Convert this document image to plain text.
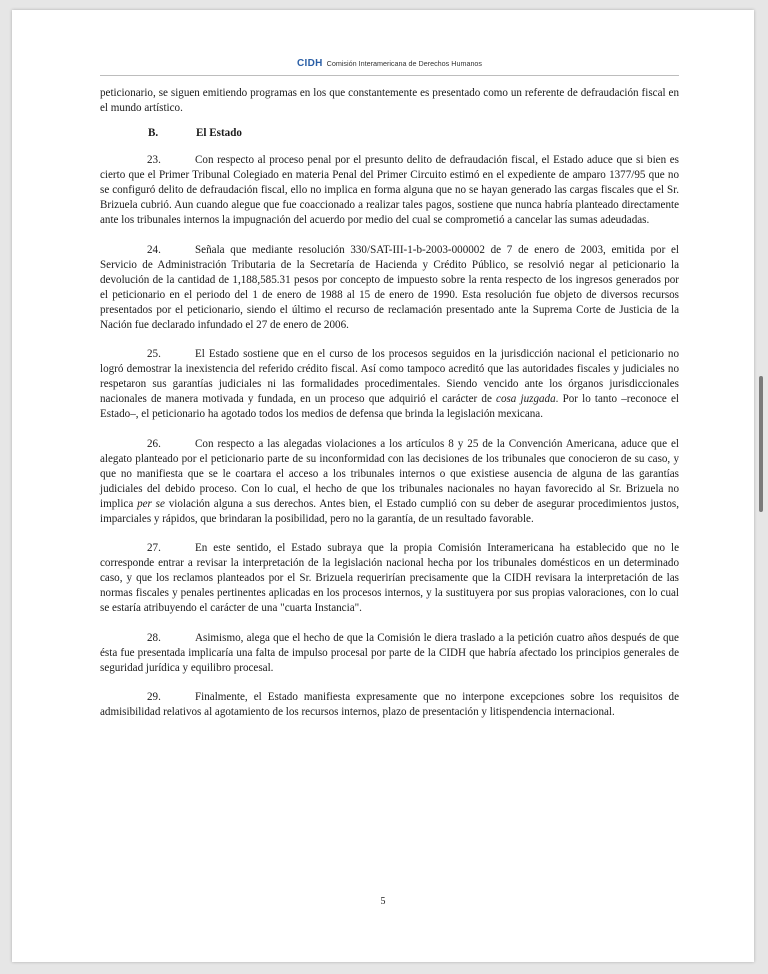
CIDH Comisión Interamericana de Derechos Humanos

peticionario, se siguen emitiendo programas en los que constantemente es presentado como un referente de defraudación fiscal en el mundo artístico.

B.	El Estado

23.	Con respecto al proceso penal por el presunto delito de defraudación fiscal, el Estado aduce que si bien es cierto que el Primer Tribunal Colegiado en materia Penal del Primer Circuito estimó en el expediente de amparo 1377/95 que no se configuró delito de defraudación fiscal, ello no implica en forma alguna que no se hayan generado las cargas fiscales que el Sr. Brizuela cubrió. Aun cuando alegue que fue coaccionado a realizar tales pagos, sostiene que nunca habría planteado directamente ante los tribunales internos la impugnación del acuerdo por medio del cual se comprometió a cancelar las sumas adeudadas.

24.	Señala que mediante resolución 330/SAT-III-1-b-2003-000002 de 7 de enero de 2003, emitida por el Servicio de Administración Tributaria de la Secretaría de Hacienda y Crédito Público, se resolvió negar al peticionario la devolución de la cantidad de 1,188,585.31 pesos por concepto de impuesto sobre la renta respecto de los ingresos generados por el peticionario en el periodo del 1 de enero de 1988 al 15 de enero de 1990. Esta resolución fue objeto de diversos recursos presentados por el peticionario, siendo el último el recurso de reclamación presentado ante la Suprema Corte de Justicia de la Nación fue declarado infundado el 27 de enero de 2006.

25.	El Estado sostiene que en el curso de los procesos seguidos en la jurisdicción nacional el peticionario no logró demostrar la inexistencia del referido crédito fiscal. Así como tampoco acreditó que las autoridades fiscales y judiciales no respetaron sus garantías judiciales ni las formalidades procedimentales. Siendo vencido ante los órganos jurisdiccionales nacionales de manera motivada y fundada, en un proceso que adquirió el carácter de cosa juzgada. Por lo tanto –reconoce el Estado–, el peticionario ha agotado todos los medios de defensa que brinda la legislación mexicana.

26.	Con respecto a las alegadas violaciones a los artículos 8 y 25 de la Convención Americana, aduce que el alegato planteado por el peticionario parte de su inconformidad con las decisiones de los tribunales que conocieron de su caso, y que no manifiesta que se le coartara el acceso a los tribunales internos o que existiese ausencia de alguna de las garantías judiciales del debido proceso. Con lo cual, el hecho de que los tribunales nacionales no hayan favorecido al Sr. Brizuela no implica per se violación alguna a sus derechos. Antes bien, el Estado cumplió con su deber de asegurar procedimientos justos, imparciales y rápidos, que brindaran la posibilidad, pero no la garantía, de un resultado favorable.

27.	En este sentido, el Estado subraya que la propia Comisión Interamericana ha establecido que no le corresponde entrar a revisar la interpretación de la legislación nacional hecha por los tribunales domésticos en un determinado caso, y que los reclamos planteados por el Sr. Brizuela requerirían precisamente que la CIDH revisara la interpretación de las normas fiscales y penales pertinentes aplicadas en los procesos internos, y la sustituyera por sus propias valoraciones, con lo cual se estaría atribuyendo el carácter de una "cuarta Instancia".

28.	Asimismo, alega que el hecho de que la Comisión le diera traslado a la petición cuatro años después de que ésta fue presentada implicaría una falta de impulso procesal por parte de la CIDH que habría afectado los principios generales de seguridad jurídica y equilibro procesal.

29.	Finalmente, el Estado manifiesta expresamente que no interpone excepciones sobre los requisitos de admisibilidad relativos al agotamiento de los recursos internos, plazo de presentación y litispendencia internacional.

5
